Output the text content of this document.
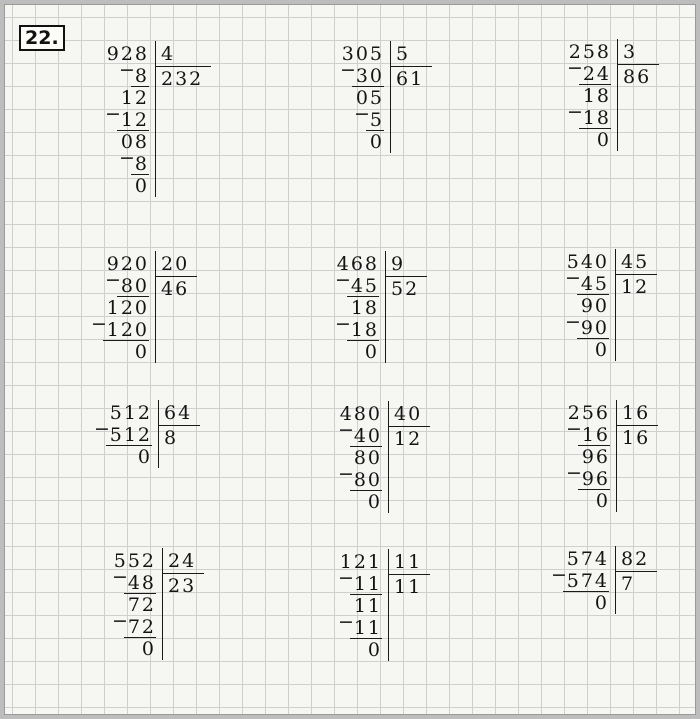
22.
928 4
232
− 8
12
− 12
08
− 8
0
305 5
61
− 30
05
− 5
0
258 3
86
− 24
18
− 18
0
920 20
46
− 80
120
− 120
0
468 9
52
− 45
18
− 18
0
540 45
12
− 45
90
− 90
0
512 64
8
− 512
0
480 40
12
− 40
80
− 80
0
256 16
16
− 16
96
− 96
0
552 24
23
− 48
72
− 72
0
121 11
11
− 11
11
− 11
0
574 82
7
− 574
0
